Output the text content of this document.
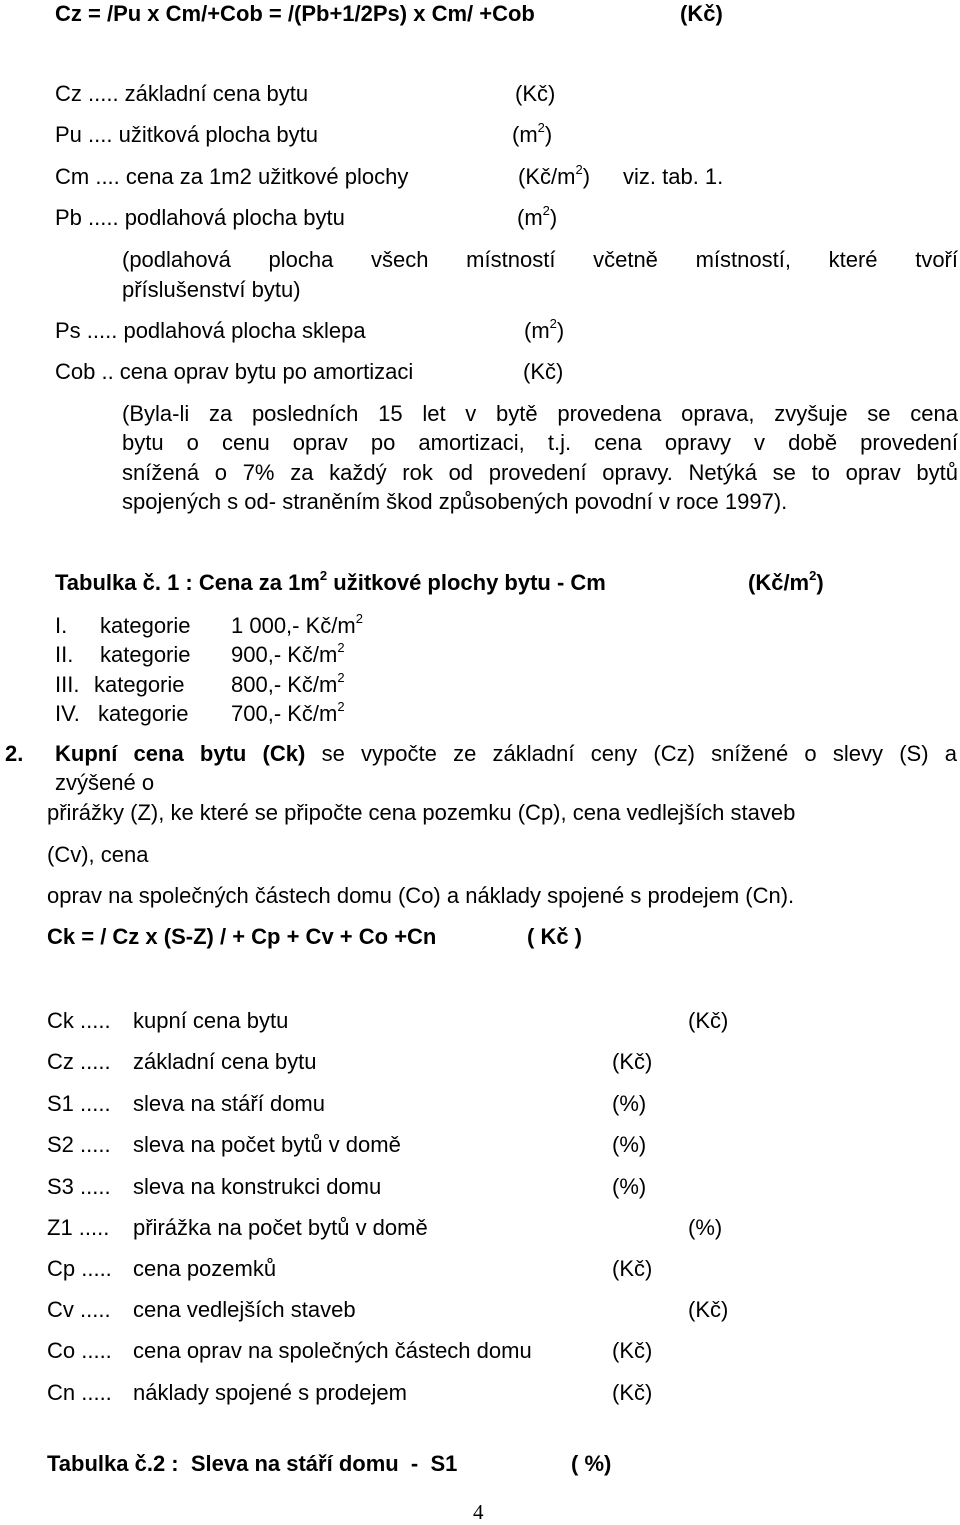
Cz = /Pu x Cm/+Cob = /(Pb+1/2Ps) x Cm/ +Cob	(Kč)
Cz ..... základní cena bytu	(Kč)
Pu .... užitková plocha bytu	$(m^2)$
Cm .... cena za 1m2 užitkové plochy	$(Kč/m^2)$ viz. tab. 1.
Pb ..... podlahová plocha bytu	$(m^2)$
(podlahová plocha všech místností včetně místností, které tvoří
příslušenství bytu)
Ps ..... podlahová plocha sklepa	$(m^2)$
Cob .. cena oprav bytu po amortizaci	(Kč)
(Byla-li za posledních 15 let v bytě provedena oprava, zvyšuje se cena
bytu o cenu oprav po amortizaci, t.j. cena opravy v době provedení
snížená o 7% za každý rok od provedení opravy. Netýká se to oprav bytů
spojených s od- straněním škod způsobených povodní v roce 1997).
Tabulka č. 1 : Cena za $1m^2$ užitkové plochy bytu - Cm	$(Kč/m^2)$
I. kategorie 1 000,- $Kč/m^2$
II. kategorie 900,- $Kč/m^2$
III. kategorie 800,- $Kč/m^2$
IV. kategorie 700,- $Kč/m^2$
2. Kupní cena bytu (Ck) se vypočte ze základní ceny (Cz) snížené o slevy (S) a
zvýšené o
přirážky (Z), ke které se připočte cena pozemku (Cp), cena vedlejších staveb
(Cv), cena
oprav na společných částech domu (Co) a náklady spojené s prodejem (Cn).
Ck = / Cz x (S-Z) / + Cp + Cv + Co +Cn	( Kč )
Ck ..... kupní cena bytu	(Kč)
Cz ..... základní cena bytu	(Kč)
S1 ..... sleva na stáří domu	(%)
S2 ..... sleva na počet bytů v domě	(%)
S3 ..... sleva na konstrukci domu	(%)
Z1 ..... přirážka na počet bytů v domě	(%)
Cp ..... cena pozemků	(Kč)
Cv ..... cena vedlejších staveb	(Kč)
Co ..... cena oprav na společných částech domu	(Kč)
Cn ..... náklady spojené s prodejem	(Kč)
Tabulka č.2 :  Sleva na stáří domu  -  S1	( %)
4
